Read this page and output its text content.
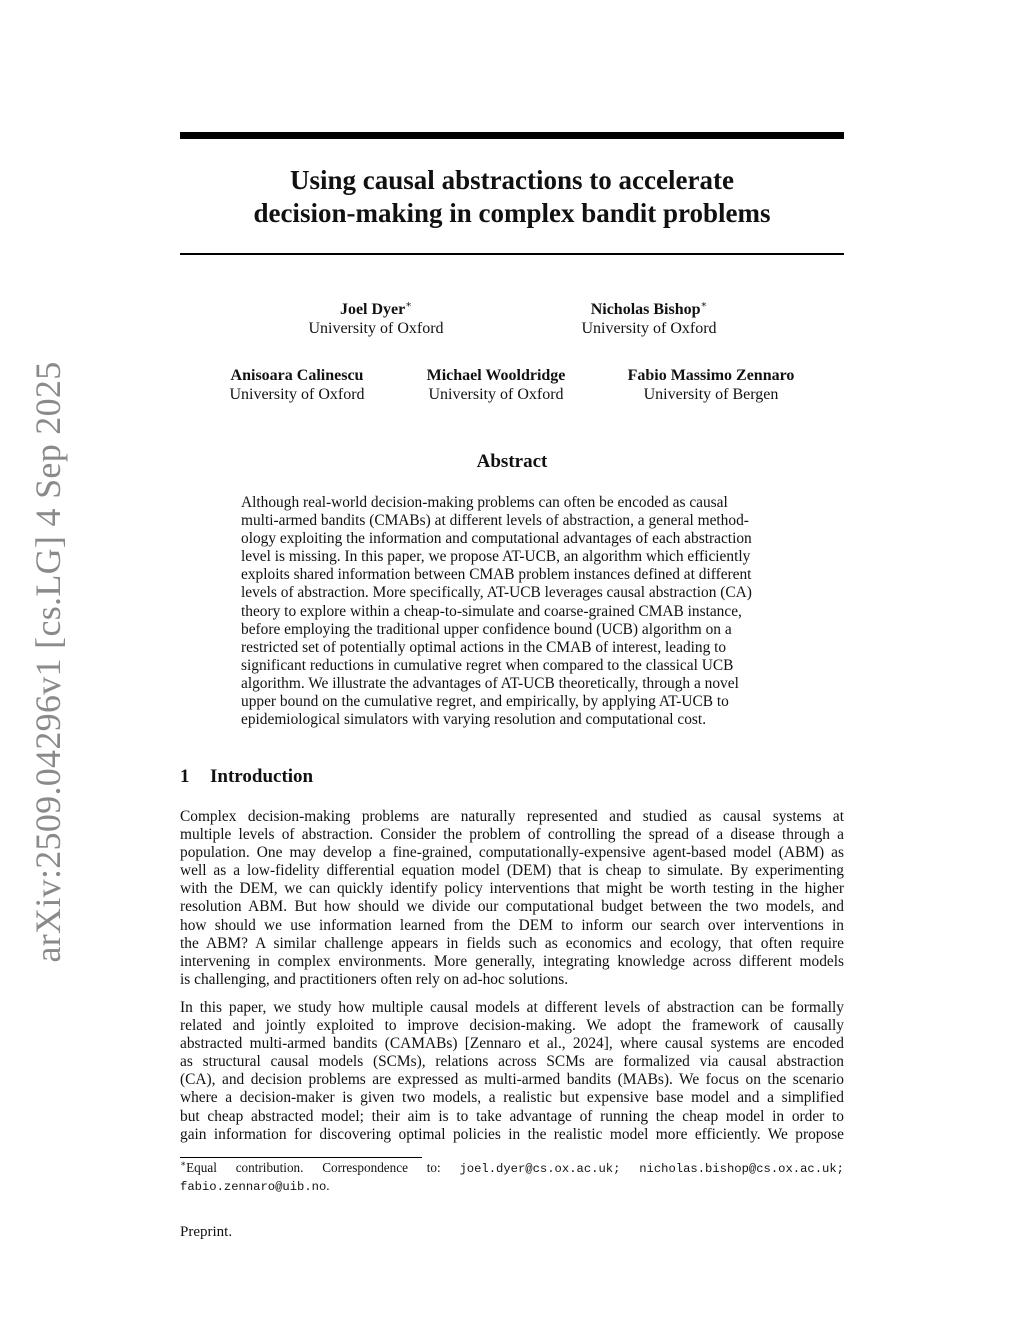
arXiv:2509.04296v1 [cs.LG] 4 Sep 2025
Using causal abstractions to accelerate
decision-making in complex bandit problems
Joel Dyer∗
University of Oxford
Nicholas Bishop∗
University of Oxford
Anisoara Calinescu
University of Oxford
Michael Wooldridge
University of Oxford
Fabio Massimo Zennaro
University of Bergen
Abstract
Although real-world decision-making problems can often be encoded as causal
multi-armed bandits (CMABs) at different levels of abstraction, a general method-
ology exploiting the information and computational advantages of each abstraction
level is missing. In this paper, we propose AT-UCB, an algorithm which efficiently
exploits shared information between CMAB problem instances defined at different
levels of abstraction. More specifically, AT-UCB leverages causal abstraction (CA)
theory to explore within a cheap-to-simulate and coarse-grained CMAB instance,
before employing the traditional upper confidence bound (UCB) algorithm on a
restricted set of potentially optimal actions in the CMAB of interest, leading to
significant reductions in cumulative regret when compared to the classical UCB
algorithm. We illustrate the advantages of AT-UCB theoretically, through a novel
upper bound on the cumulative regret, and empirically, by applying AT-UCB to
epidemiological simulators with varying resolution and computational cost.
1 Introduction
Complex decision-making problems are naturally represented and studied as causal systems at
multiple levels of abstraction. Consider the problem of controlling the spread of a disease through a
population. One may develop a fine-grained, computationally-expensive agent-based model (ABM) as
well as a low-fidelity differential equation model (DEM) that is cheap to simulate. By experimenting
with the DEM, we can quickly identify policy interventions that might be worth testing in the higher
resolution ABM. But how should we divide our computational budget between the two models, and
how should we use information learned from the DEM to inform our search over interventions in
the ABM? A similar challenge appears in fields such as economics and ecology, that often require
intervening in complex environments. More generally, integrating knowledge across different models
is challenging, and practitioners often rely on ad-hoc solutions.
In this paper, we study how multiple causal models at different levels of abstraction can be formally
related and jointly exploited to improve decision-making. We adopt the framework of causally
abstracted multi-armed bandits (CAMABs) [Zennaro et al., 2024], where causal systems are encoded
as structural causal models (SCMs), relations across SCMs are formalized via causal abstraction
(CA), and decision problems are expressed as multi-armed bandits (MABs). We focus on the scenario
where a decision-maker is given two models, a realistic but expensive base model and a simplified
but cheap abstracted model; their aim is to take advantage of running the cheap model in order to
gain information for discovering optimal policies in the realistic model more efficiently. We propose
∗Equal contribution. Correspondence to: joel.dyer@cs.ox.ac.uk; nicholas.bishop@cs.ox.ac.uk;
fabio.zennaro@uib.no.
Preprint.
